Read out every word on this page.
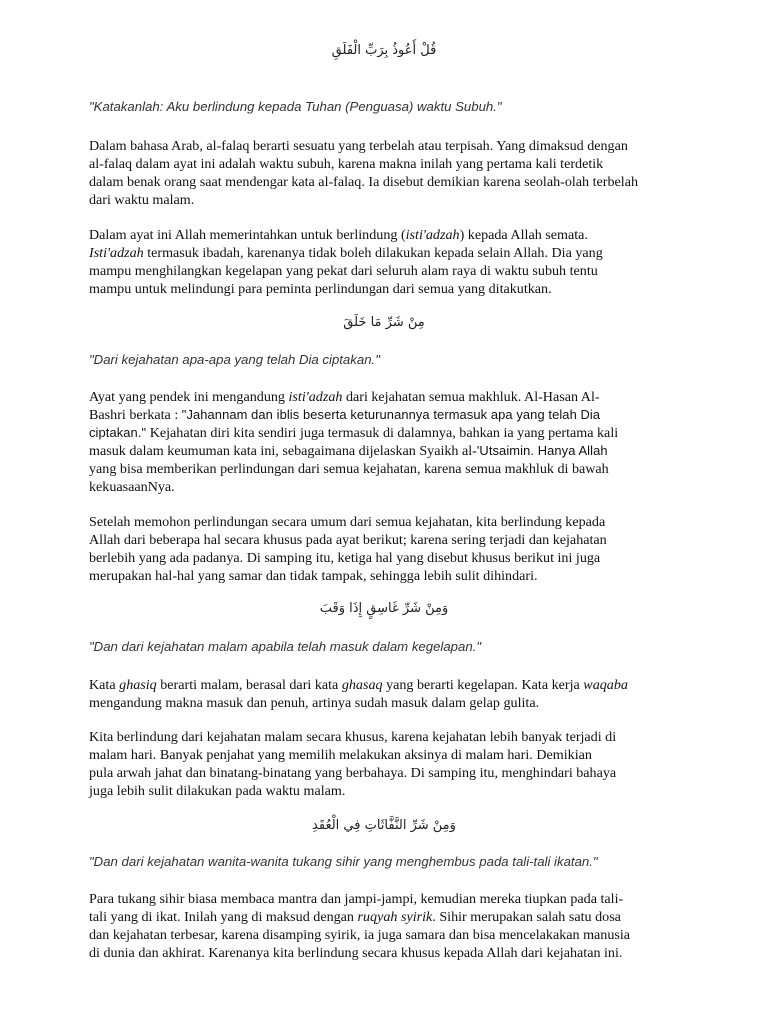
قُلْ أَعُوذُ بِرَبِّ الْفَلَقِ

"Katakanlah: Aku berlindung kepada Tuhan (Penguasa) waktu Subuh."

Dalam bahasa Arab, al-falaq berarti sesuatu yang terbelah atau terpisah. Yang dimaksud dengan
al-falaq dalam ayat ini adalah waktu subuh, karena makna inilah yang pertama kali terdetik
dalam benak orang saat mendengar kata al-falaq. Ia disebut demikian karena seolah-olah terbelah
dari waktu malam.
Dalam ayat ini Allah memerintahkan untuk berlindung (isti'adzah) kepada Allah semata.
Isti'adzah termasuk ibadah, karenanya tidak boleh dilakukan kepada selain Allah. Dia yang
mampu menghilangkan kegelapan yang pekat dari seluruh alam raya di waktu subuh tentu
mampu untuk melindungi para peminta perlindungan dari semua yang ditakutkan.

مِنْ شَرِّ مَا خَلَقَ

"Dari kejahatan apa-apa yang telah Dia ciptakan."

Ayat yang pendek ini mengandung isti'adzah dari kejahatan semua makhluk. Al-Hasan Al-
Bashri berkata : "Jahannam dan iblis beserta keturunannya termasuk apa yang telah Dia
ciptakan." Kejahatan diri kita sendiri juga termasuk di dalamnya, bahkan ia yang pertama kali
masuk dalam keumuman kata ini, sebagaimana dijelaskan Syaikh al-'Utsaimin. Hanya Allah
yang bisa memberikan perlindungan dari semua kejahatan, karena semua makhluk di bawah
kekuasaanNya.
Setelah memohon perlindungan secara umum dari semua kejahatan, kita berlindung kepada
Allah dari beberapa hal secara khusus pada ayat berikut; karena sering terjadi dan kejahatan
berlebih yang ada padanya. Di samping itu, ketiga hal yang disebut khusus berikut ini juga
merupakan hal-hal yang samar dan tidak tampak, sehingga lebih sulit dihindari.

وَمِنْ شَرِّ غَاسِقٍ إِذَا وَقَبَ

"Dan dari kejahatan malam apabila telah masuk dalam kegelapan."

Kata ghasiq berarti malam, berasal dari kata ghasaq yang berarti kegelapan. Kata kerja waqaba
mengandung makna masuk dan penuh, artinya sudah masuk dalam gelap gulita.
Kita berlindung dari kejahatan malam secara khusus, karena kejahatan lebih banyak terjadi di
malam hari. Banyak penjahat yang memilih melakukan aksinya di malam hari. Demikian
pula arwah jahat dan binatang-binatang yang berbahaya. Di samping itu, menghindari bahaya
juga lebih sulit dilakukan pada waktu malam.

وَمِنْ شَرِّ النَّفَّاثَاتِ فِي الْعُقَدِ

"Dan dari kejahatan wanita-wanita tukang sihir yang menghembus pada tali-tali ikatan."

Para tukang sihir biasa membaca mantra dan jampi-jampi, kemudian mereka tiupkan pada tali-
tali yang di ikat. Inilah yang di maksud dengan ruqyah syirik. Sihir merupakan salah satu dosa
dan kejahatan terbesar, karena disamping syirik, ia juga samara dan bisa mencelakakan manusia
di dunia dan akhirat. Karenanya kita berlindung secara khusus kepada Allah dari kejahatan ini.
